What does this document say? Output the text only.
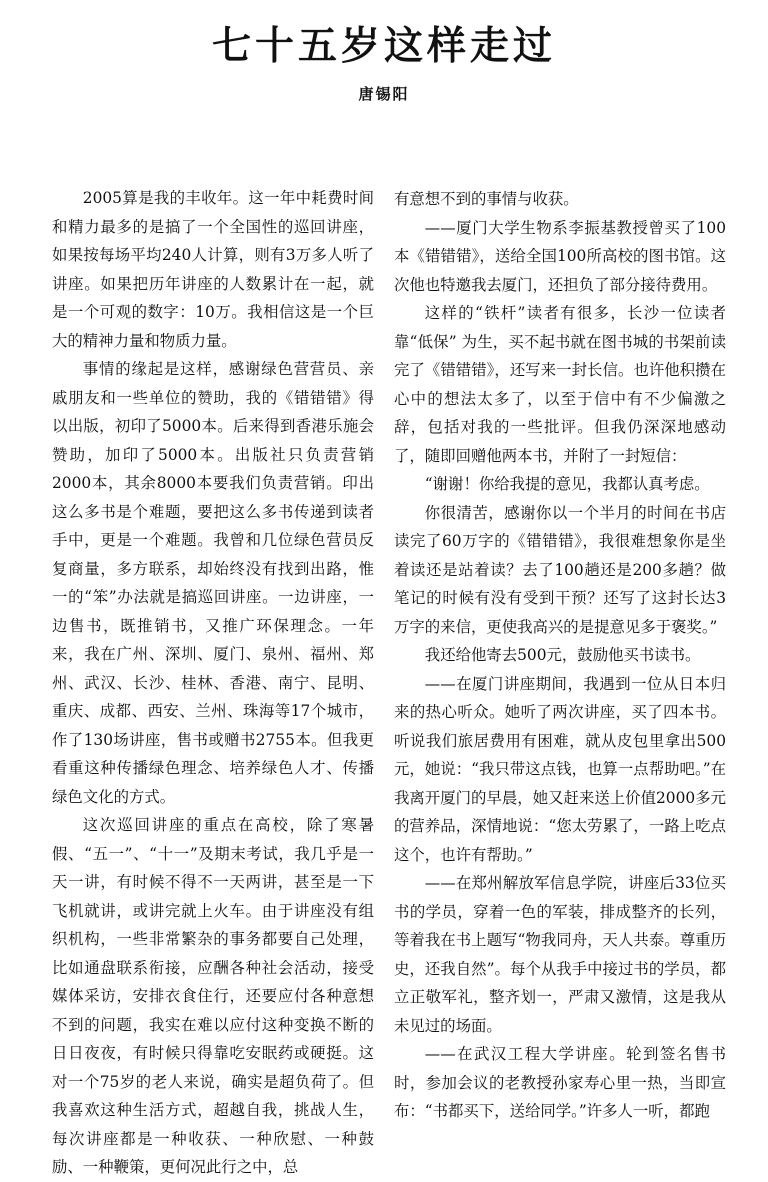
七十五岁这样走过
唐锡阳

2005算是我的丰收年。这一年中耗费时间和精力最多的是搞了一个全国性的巡回讲座，如果按每场平均240人计算，则有3万多人听了讲座。如果把历年讲座的人数累计在一起，就是一个可观的数字：10万。我相信这是一个巨大的精神力量和物质力量。

事情的缘起是这样，感谢绿色营营员、亲戚朋友和一些单位的赞助，我的《错错错》得以出版，初印了5000本。后来得到香港乐施会赞助，加印了5000本。出版社只负责营销2000本，其余8000本要我们负责营销。印出这么多书是个难题，要把这么多书传递到读者手中，更是一个难题。我曾和几位绿色营员反复商量，多方联系，却始终没有找到出路，惟一的“笨”办法就是搞巡回讲座。一边讲座，一边售书，既推销书，又推广环保理念。一年来，我在广州、深圳、厦门、泉州、福州、郑州、武汉、长沙、桂林、香港、南宁、昆明、重庆、成都、西安、兰州、珠海等17个城市，作了130场讲座，售书或赠书2755本。但我更看重这种传播绿色理念、培养绿色人才、传播绿色文化的方式。

这次巡回讲座的重点在高校，除了寒暑假、“五一”、“十一”及期末考试，我几乎是一天一讲，有时候不得不一天两讲，甚至是一下飞机就讲，或讲完就上火车。由于讲座没有组织机构，一些非常繁杂的事务都要自己处理，比如通盘联系衔接，应酬各种社会活动，接受媒体采访，安排衣食住行，还要应付各种意想不到的问题，我实在难以应付这种变换不断的日日夜夜，有时候只得靠吃安眠药或硬挺。这对一个75岁的老人来说，确实是超负荷了。但我喜欢这种生活方式，超越自我，挑战人生，每次讲座都是一种收获、一种欣慰、一种鼓励、一种鞭策，更何况此行之中，总

有意想不到的事情与收获。

——厦门大学生物系李振基教授曾买了100本《错错错》，送给全国100所高校的图书馆。这次他也特邀我去厦门，还担负了部分接待费用。

这样的“铁杆”读者有很多，长沙一位读者靠“低保” 为生，买不起书就在图书城的书架前读完了《错错错》，还写来一封长信。也许他积攒在心中的想法太多了，以至于信中有不少偏激之辞，包括对我的一些批评。但我仍深深地感动了，随即回赠他两本书，并附了一封短信：

“谢谢！你给我提的意见，我都认真考虑。

你很清苦，感谢你以一个半月的时间在书店读完了60万字的《错错错》，我很难想象你是坐着读还是站着读？去了100趟还是200多趟？做笔记的时候有没有受到干预？还写了这封长达3万字的来信，更使我高兴的是提意见多于褒奖。”

我还给他寄去500元，鼓励他买书读书。

——在厦门讲座期间，我遇到一位从日本归来的热心听众。她听了两次讲座，买了四本书。听说我们旅居费用有困难，就从皮包里拿出500元，她说：“我只带这点钱，也算一点帮助吧。”在我离开厦门的早晨，她又赶来送上价值2000多元的营养品，深情地说：“您太劳累了，一路上吃点这个，也许有帮助。”

——在郑州解放军信息学院，讲座后33位买书的学员，穿着一色的军装，排成整齐的长列，等着我在书上题写“物我同舟，天人共泰。尊重历史，还我自然”。每个从我手中接过书的学员，都立正敬军礼，整齐划一，严肃又激情，这是我从未见过的场面。

——在武汉工程大学讲座。轮到签名售书时，参加会议的老教授孙家寿心里一热，当即宣布：“书都买下，送给同学。”许多人一听，都跑
